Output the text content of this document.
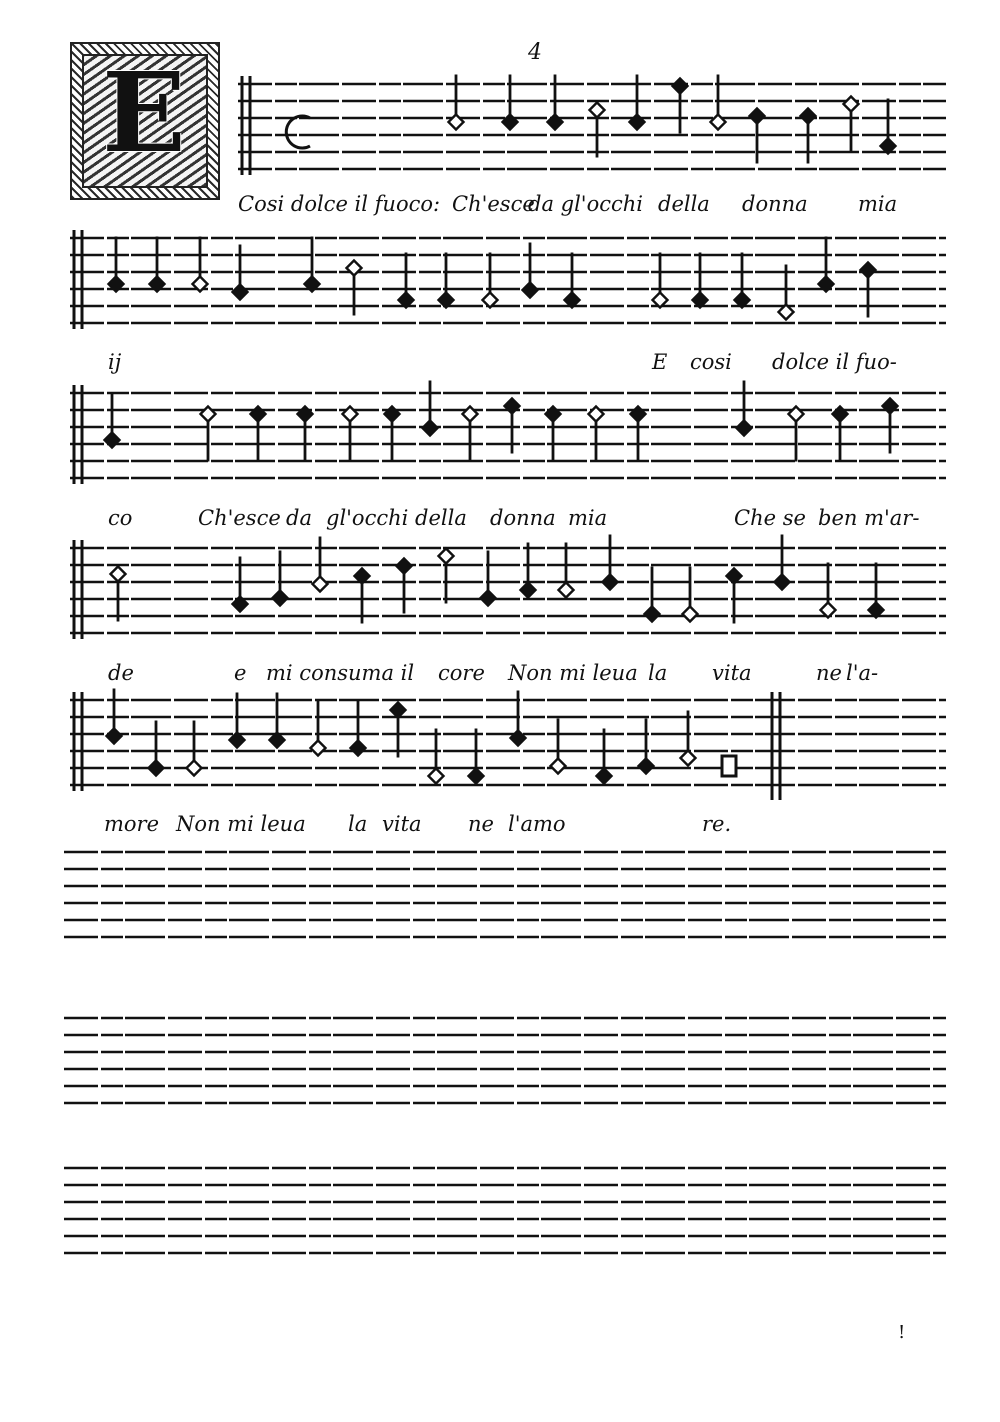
4
E
Cosi dolce il fuoco: Ch'esce
da gl'occhi della donna mia
ij	E cosi dolce il fuo-
co	Ch'esce da gl'occhi della donna mia	Che se ben m'ar-
de	e mi consuma il core Non mi leua la vita	ne l'a-
more Non mi leua la vita ne l'amo	re.
!
